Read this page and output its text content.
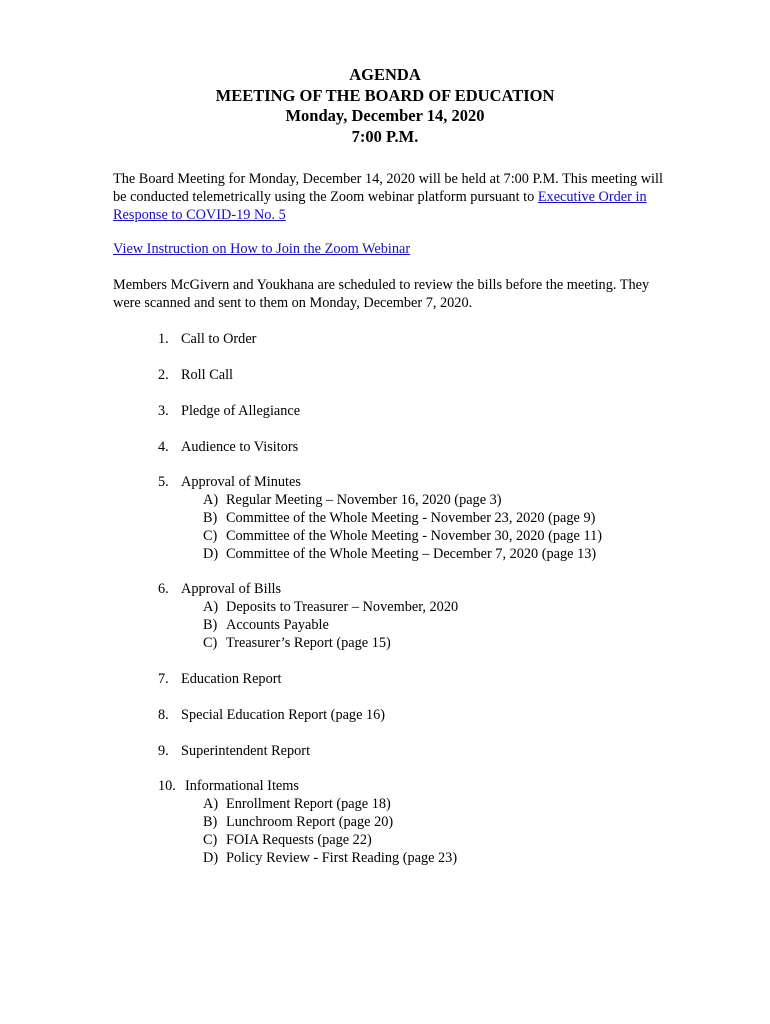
AGENDA
MEETING OF THE BOARD OF EDUCATION
Monday, December 14, 2020
7:00 P.M.
The Board Meeting for Monday, December 14, 2020 will be held at 7:00 P.M. This meeting will be conducted telemetrically using the Zoom webinar platform pursuant to Executive Order in Response to COVID-19 No. 5
View Instruction on How to Join the Zoom Webinar
Members McGivern and Youkhana are scheduled to review the bills before the meeting. They were scanned and sent to them on Monday, December 7, 2020.
1. Call to Order
2. Roll Call
3. Pledge of Allegiance
4. Audience to Visitors
5. Approval of Minutes
A) Regular Meeting – November 16, 2020 (page 3)
B) Committee of the Whole Meeting - November 23, 2020 (page 9)
C) Committee of the Whole Meeting - November 30, 2020 (page 11)
D) Committee of the Whole Meeting – December 7, 2020 (page 13)
6. Approval of Bills
A) Deposits to Treasurer – November, 2020
B) Accounts Payable
C) Treasurer’s Report (page 15)
7. Education Report
8. Special Education Report (page 16)
9. Superintendent Report
10. Informational Items
A) Enrollment Report (page 18)
B) Lunchroom Report (page 20)
C) FOIA Requests (page 22)
D) Policy Review - First Reading (page 23)
